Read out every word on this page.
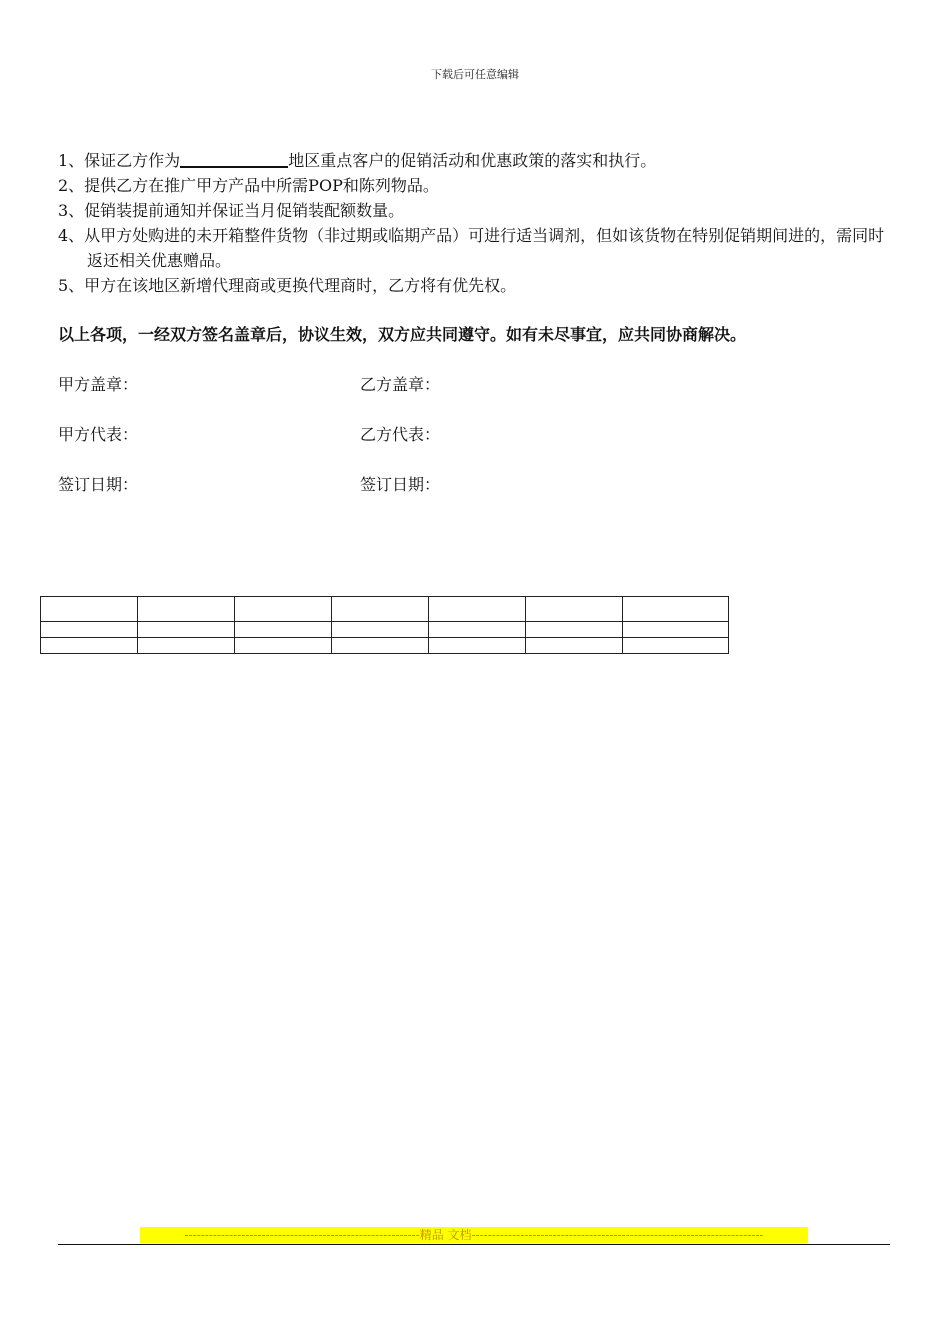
下载后可任意编辑
1、保证乙方作为	地区重点客户的促销活动和优惠政策的落实和执行。
2、提供乙方在推广甲方产品中所需POP和陈列物品。
3、促销装提前通知并保证当月促销装配额数量。
4、从甲方处购进的未开箱整件货物（非过期或临期产品）可进行适当调剂，但如该货物在特别促销期间进的，需同时返还相关优惠赠品。
5、甲方在该地区新增代理商或更换代理商时，乙方将有优先权。
以上各项，一经双方签名盖章后，协议生效，双方应共同遵守。如有未尽事宜，应共同协商解决。
甲方盖章：	乙方盖章：
甲方代表：	乙方代表：
签订日期：	签订日期：

----------------------------------------------------------精品 文档------------------------------------------------------------------------
